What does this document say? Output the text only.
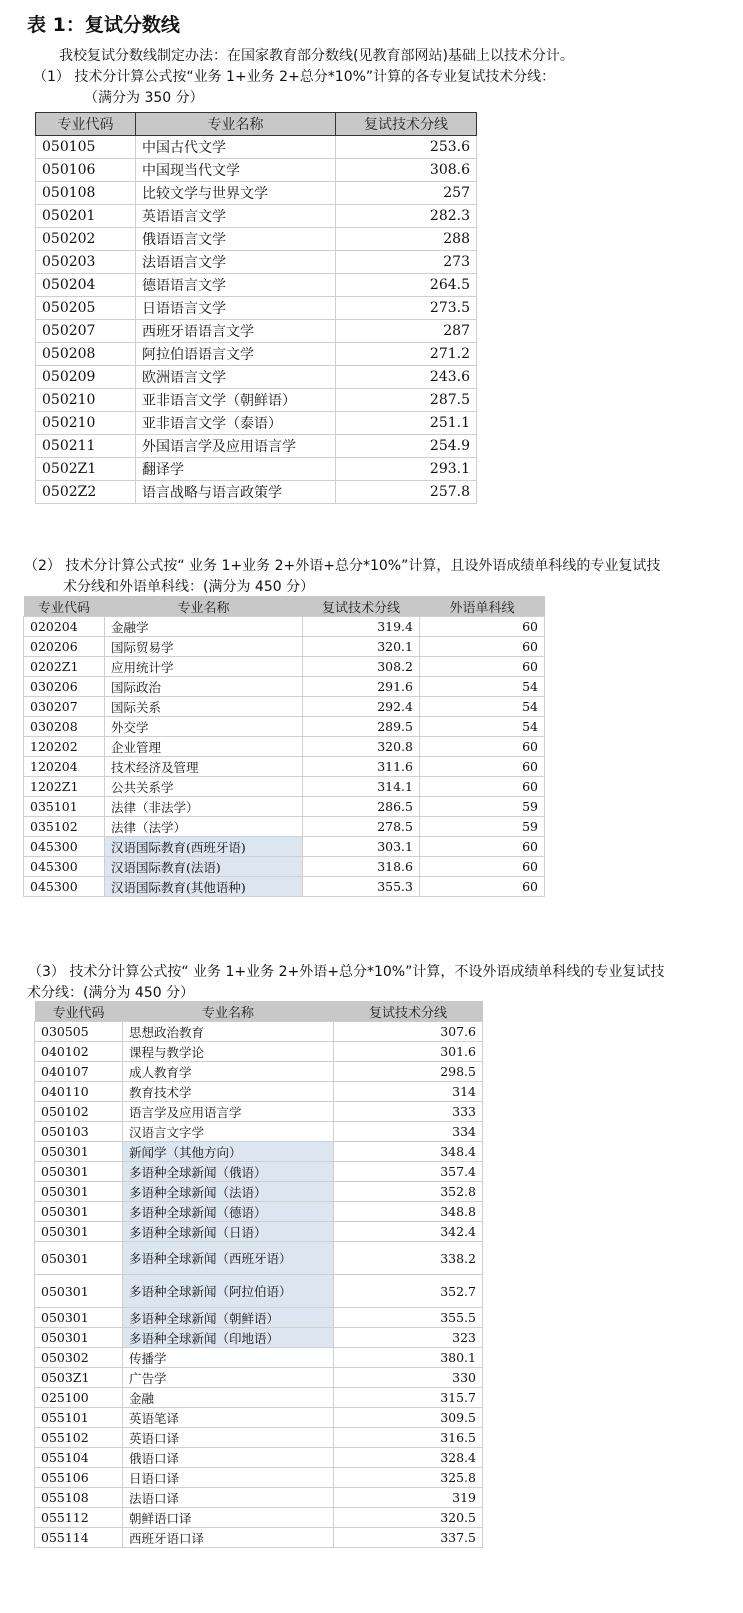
表 1：复试分数线
我校复试分数线制定办法：在国家教育部分数线(见教育部网站)基础上以技术分计。
（1） 技术分计算公式按“业务 1+业务 2+总分*10%”计算的各专业复试技术分线：
（满分为 350 分）
专业代码	专业名称	复试技术分线
050105	中国古代文学	253.6
050106	中国现当代文学	308.6
050108	比较文学与世界文学	257
050201	英语语言文学	282.3
050202	俄语语言文学	288
050203	法语语言文学	273
050204	德语语言文学	264.5
050205	日语语言文学	273.5
050207	西班牙语语言文学	287
050208	阿拉伯语语言文学	271.2
050209	欧洲语言文学	243.6
050210	亚非语言文学（朝鲜语）	287.5
050210	亚非语言文学（泰语）	251.1
050211	外国语言学及应用语言学	254.9
0502Z1	翻译学	293.1
0502Z2	语言战略与语言政策学	257.8
（2） 技术分计算公式按“ 业务 1+业务 2+外语+总分*10%”计算，且设外语成绩单科线的专业复试技
术分线和外语单科线：(满分为 450 分）
专业代码	专业名称	复试技术分线	外语单科线
020204	金融学	319.4	60
020206	国际贸易学	320.1	60
0202Z1	应用统计学	308.2	60
030206	国际政治	291.6	54
030207	国际关系	292.4	54
030208	外交学	289.5	54
120202	企业管理	320.8	60
120204	技术经济及管理	311.6	60
1202Z1	公共关系学	314.1	60
035101	法律（非法学）	286.5	59
035102	法律（法学）	278.5	59
045300	汉语国际教育(西班牙语)	303.1	60
045300	汉语国际教育(法语)	318.6	60
045300	汉语国际教育(其他语种)	355.3	60
（3） 技术分计算公式按“ 业务 1+业务 2+外语+总分*10%”计算，不设外语成绩单科线的专业复试技
术分线：(满分为 450 分）
专业代码	专业名称	复试技术分线
030505	思想政治教育	307.6
040102	课程与教学论	301.6
040107	成人教育学	298.5
040110	教育技术学	314
050102	语言学及应用语言学	333
050103	汉语言文字学	334
050301	新闻学（其他方向）	348.4
050301	多语种全球新闻（俄语）	357.4
050301	多语种全球新闻（法语）	352.8
050301	多语种全球新闻（德语）	348.8
050301	多语种全球新闻（日语）	342.4
050301	多语种全球新闻（西班牙语）	338.2
050301	多语种全球新闻（阿拉伯语）	352.7
050301	多语种全球新闻（朝鲜语）	355.5
050301	多语种全球新闻（印地语）	323
050302	传播学	380.1
0503Z1	广告学	330
025100	金融	315.7
055101	英语笔译	309.5
055102	英语口译	316.5
055104	俄语口译	328.4
055106	日语口译	325.8
055108	法语口译	319
055112	朝鲜语口译	320.5
055114	西班牙语口译	337.5
